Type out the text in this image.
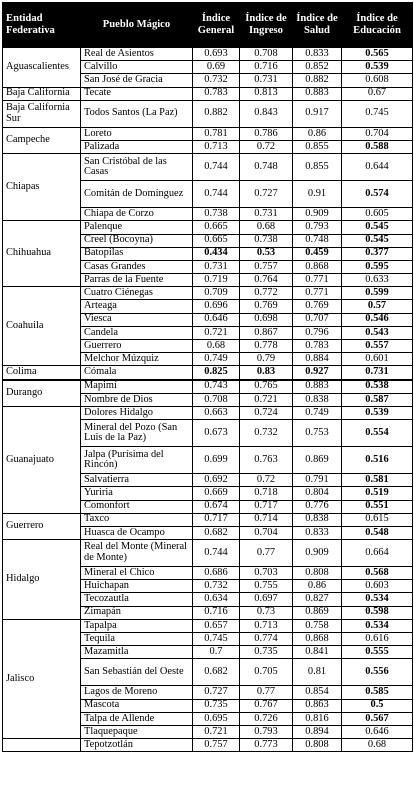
Entidad Federativa	Pueblo Mágico	Índice General	Índice de Ingreso	Índice de Salud	Índice de Educación
Aguascalientes	Real de Asientos	0.693	0.708	0.833	0.565
	Calvillo	0.69	0.716	0.852	0.539
	San José de Gracia	0.732	0.731	0.882	0.608
Baja California	Tecate	0.783	0.813	0.883	0.67
Baja California Sur	Todos Santos (La Paz)	0.882	0.843	0.917	0.745
Campeche	Loreto	0.781	0.786	0.86	0.704
	Palizada	0.713	0.72	0.855	0.588
Chiapas	San Cristóbal de las Casas	0.744	0.748	0.855	0.644
	Comitán de Domínguez	0.744	0.727	0.91	0.574
	Chiapa de Corzo	0.738	0.731	0.909	0.605
Chihuahua	Palenque	0.665	0.68	0.793	0.545
	Creel (Bocoyna)	0.665	0.738	0.748	0.545
	Batopilas	0.434	0.53	0.459	0.377
	Casas Grandes	0.731	0.757	0.868	0.595
	Parras de la Fuente	0.719	0.764	0.771	0.633
Coahuila	Cuatro Ciénegas	0.709	0.772	0.771	0.599
	Arteaga	0.696	0.769	0.769	0.57
	Viesca	0.646	0.698	0.707	0.546
	Candela	0.721	0.867	0.796	0.543
	Guerrero	0.68	0.778	0.783	0.557
	Melchor Múzquiz	0.749	0.79	0.884	0.601
Colima	Cómala	0.825	0.83	0.927	0.731
Durango	Mapimí	0.743	0.765	0.883	0.538
	Nombre de Dios	0.708	0.721	0.838	0.587
Guanajuato	Dolores Hidalgo	0.663	0.724	0.749	0.539
	Mineral del Pozo (San Luis de la Paz)	0.673	0.732	0.753	0.554
	Jalpa (Purísima del Rincón)	0.699	0.763	0.869	0.516
	Salvatierra	0.692	0.72	0.791	0.581
	Yuriria	0.669	0.718	0.804	0.519
	Comonfort	0.674	0.717	0.776	0.551
Guerrero	Taxco	0.717	0.714	0.838	0.615
	Huasca de Ocampo	0.682	0.704	0.833	0.548
Hidalgo	Real del Monte (Mineral de Monte)	0.744	0.77	0.909	0.664
	Mineral el Chico	0.686	0.703	0.808	0.568
	Huichapan	0.732	0.755	0.86	0.603
	Tecozautla	0.634	0.697	0.827	0.534
	Zimapán	0.716	0.73	0.869	0.598
Jalisco	Tapalpa	0.657	0.713	0.758	0.534
	Tequila	0.745	0.774	0.868	0.616
	Mazamitla	0.7	0.735	0.841	0.555
	San Sebastián del Oeste	0.682	0.705	0.81	0.556
	Lagos de Moreno	0.727	0.77	0.854	0.585
	Mascota	0.735	0.767	0.863	0.5
	Talpa de Allende	0.695	0.726	0.816	0.567
	Tlaquepaque	0.721	0.793	0.894	0.646
	Tepotzotlán	0.757	0.773	0.808	0.68
